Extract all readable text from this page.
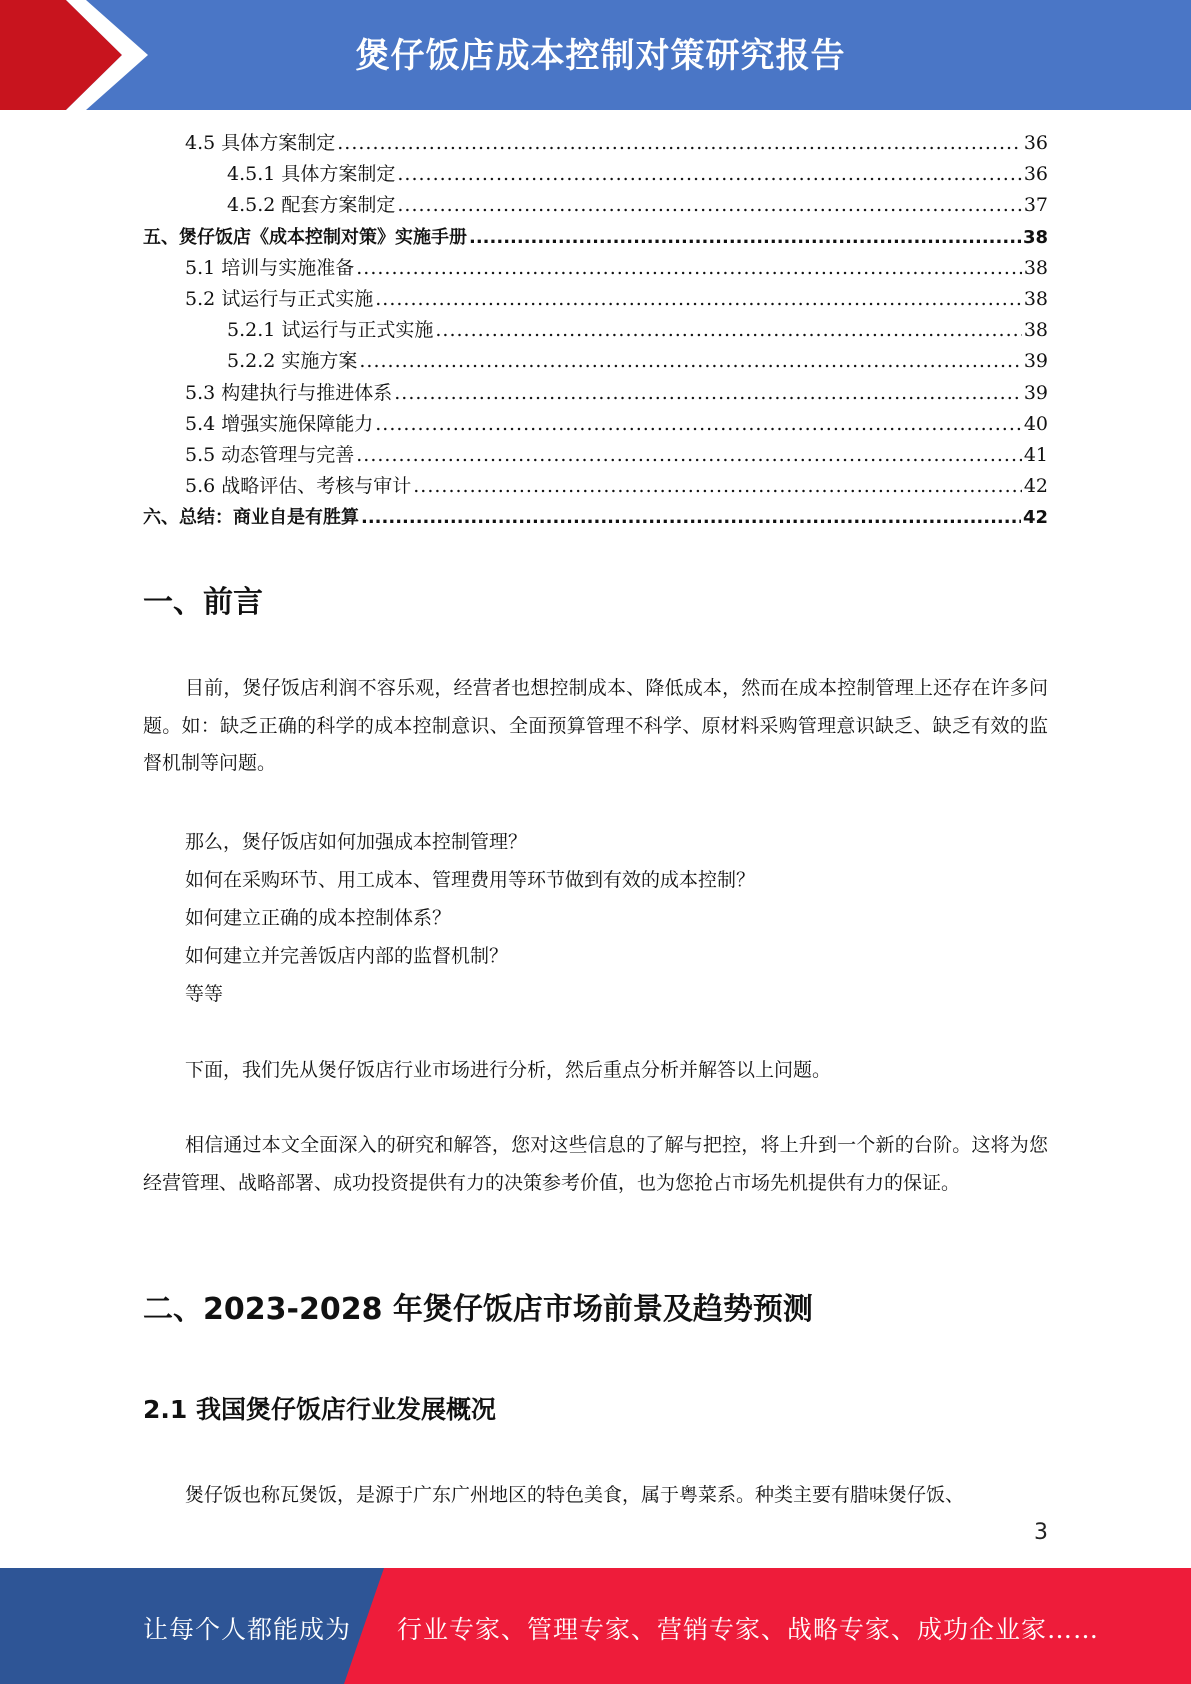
煲仔饭店成本控制对策研究报告
4.5 具体方案制定 .....	36
4.5.1 具体方案制定 .....	36
4.5.2 配套方案制定 .....	37
五、煲仔饭店《成本控制对策》实施手册 .....	38
5.1 培训与实施准备 .....	38
5.2 试运行与正式实施 .....	38
5.2.1 试运行与正式实施 .....	38
5.2.2 实施方案 .....	39
5.3 构建执行与推进体系 .....	39
5.4 增强实施保障能力 .....	40
5.5 动态管理与完善 .....	41
5.6 战略评估、考核与审计 .....	42
六、总结：商业自是有胜算 .....	42
一、前言

目前，煲仔饭店利润不容乐观，经营者也想控制成本、降低成本，然而在成本控制管理上还存在许多问题。如：缺乏正确的科学的成本控制意识、全面预算管理不科学、原材料采购管理意识缺乏、缺乏有效的监督机制等问题。

那么，煲仔饭店如何加强成本控制管理？
如何在采购环节、用工成本、管理费用等环节做到有效的成本控制？
如何建立正确的成本控制体系？
如何建立并完善饭店内部的监督机制？
等等

下面，我们先从煲仔饭店行业市场进行分析，然后重点分析并解答以上问题。

相信通过本文全面深入的研究和解答，您对这些信息的了解与把控，将上升到一个新的台阶。这将为您经营管理、战略部署、成功投资提供有力的决策参考价值，也为您抢占市场先机提供有力的保证。

二、2023-2028 年煲仔饭店市场前景及趋势预测
2.1 我国煲仔饭店行业发展概况

煲仔饭也称瓦煲饭，是源于广东广州地区的特色美食，属于粤菜系。种类主要有腊味煲仔饭、

3
让每个人都能成为 行业专家、管理专家、营销专家、战略专家、成功企业家……
